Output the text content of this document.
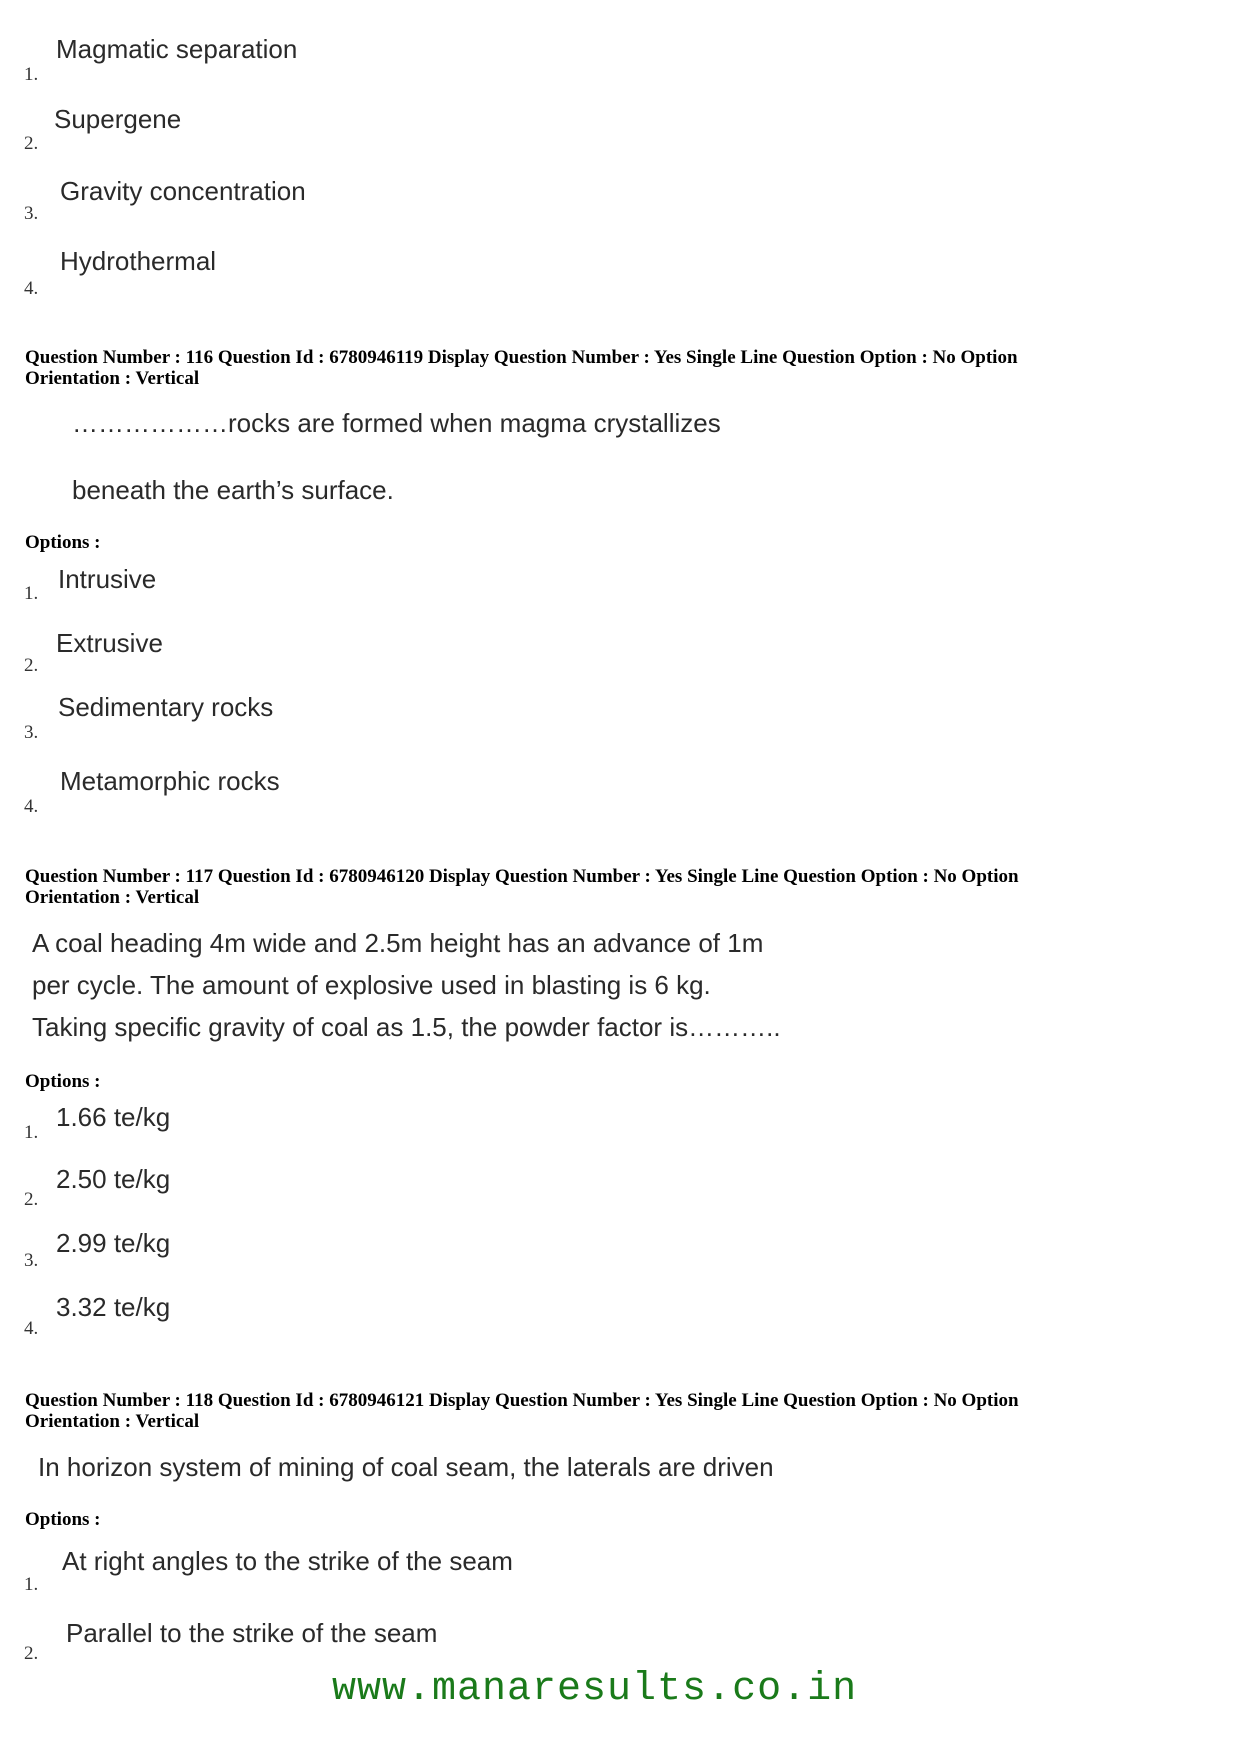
Magmatic separation
1.
Supergene
2.
Gravity concentration
3.
Hydrothermal
4.
Question Number : 116 Question Id : 6780946119 Display Question Number : Yes Single Line Question Option : No Option
Orientation : Vertical
………………rocks are formed when magma crystallizes
beneath the earth’s surface.
Options :
Intrusive
1.
Extrusive
2.
Sedimentary rocks
3.
Metamorphic rocks
4.
Question Number : 117 Question Id : 6780946120 Display Question Number : Yes Single Line Question Option : No Option
Orientation : Vertical
A coal heading 4m wide and 2.5m height has an advance of 1m
per cycle. The amount of explosive used in blasting is 6 kg.
Taking specific gravity of coal as 1.5, the powder factor is………..
Options :
1.66 te/kg
1.
2.50 te/kg
2.
2.99 te/kg
3.
3.32 te/kg
4.
Question Number : 118 Question Id : 6780946121 Display Question Number : Yes Single Line Question Option : No Option
Orientation : Vertical
In horizon system of mining of coal seam, the laterals are driven
Options :
At right angles to the strike of the seam
1.
Parallel to the strike of the seam
2.
www.manaresults.co.in
